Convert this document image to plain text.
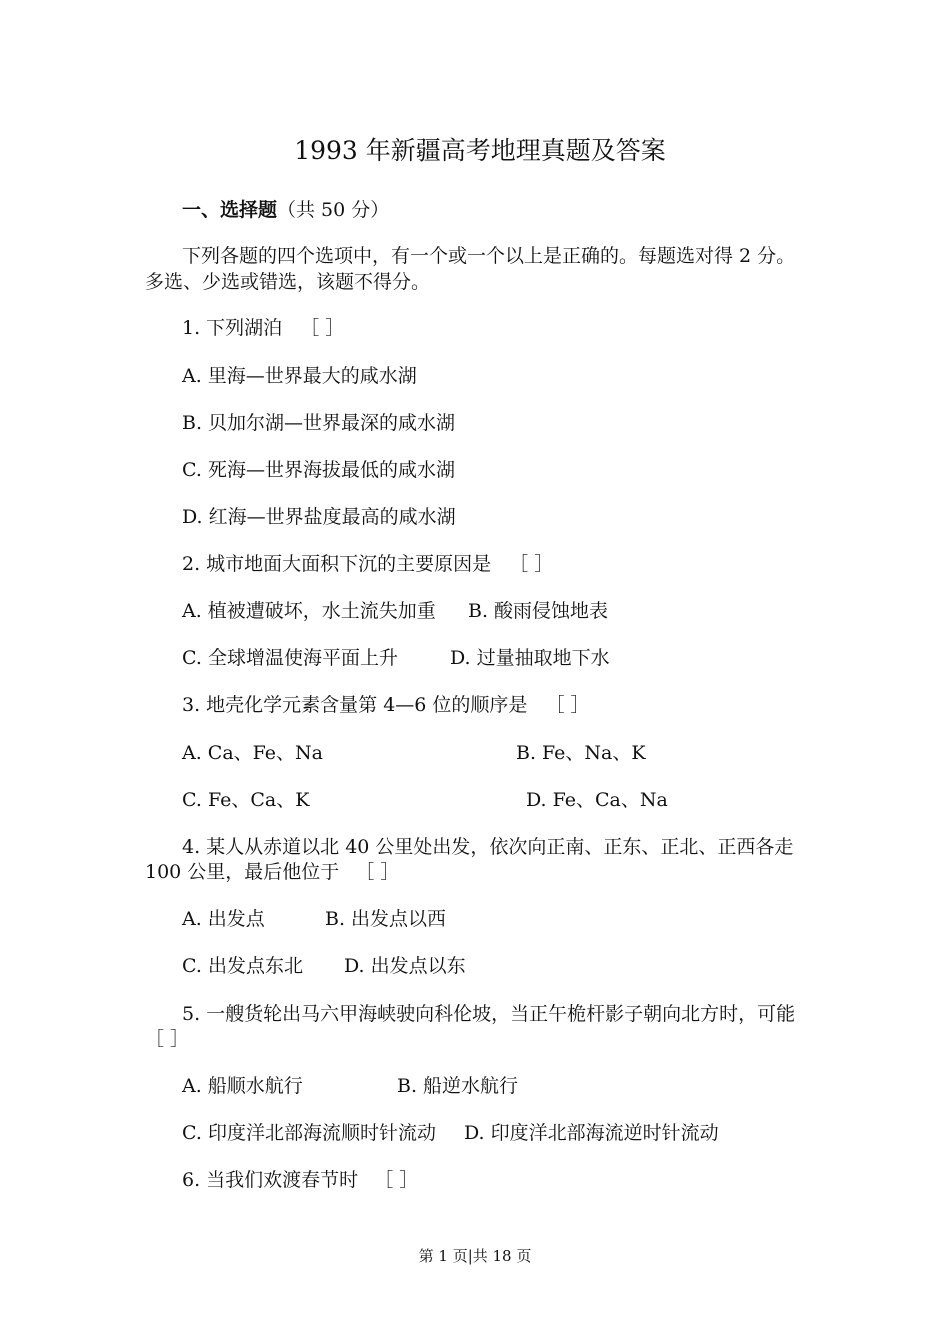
1993 年新疆高考地理真题及答案
一、选择题（共 50 分）
下列各题的四个选项中，有一个或一个以上是正确的。每题选对得 2 分。
多选、少选或错选，该题不得分。
1. 下列湖泊 ［ ］
A. 里海—世界最大的咸水湖
B. 贝加尔湖—世界最深的咸水湖
C. 死海—世界海拔最低的咸水湖
D. 红海—世界盐度最高的咸水湖
2. 城市地面大面积下沉的主要原因是 ［ ］
A. 植被遭破坏，水土流失加重 B. 酸雨侵蚀地表
C. 全球增温使海平面上升	D. 过量抽取地下水
3. 地壳化学元素含量第 4—6 位的顺序是 ［ ］
A. Ca、Fe、Na	B. Fe、Na、K
C. Fe、Ca、K	D. Fe、Ca、Na
4. 某人从赤道以北 40 公里处出发，依次向正南、正东、正北、正西各走
100 公里，最后他位于 ［ ］
A. 出发点	B. 出发点以西
C. 出发点东北 D. 出发点以东
5. 一艘货轮出马六甲海峡驶向科伦坡，当正午桅杆影子朝向北方时，可能
［ ］
A. 船顺水航行	B. 船逆水航行
C. 印度洋北部海流顺时针流动 D. 印度洋北部海流逆时针流动
6. 当我们欢渡春节时 ［ ］
第 1 页|共 18 页
